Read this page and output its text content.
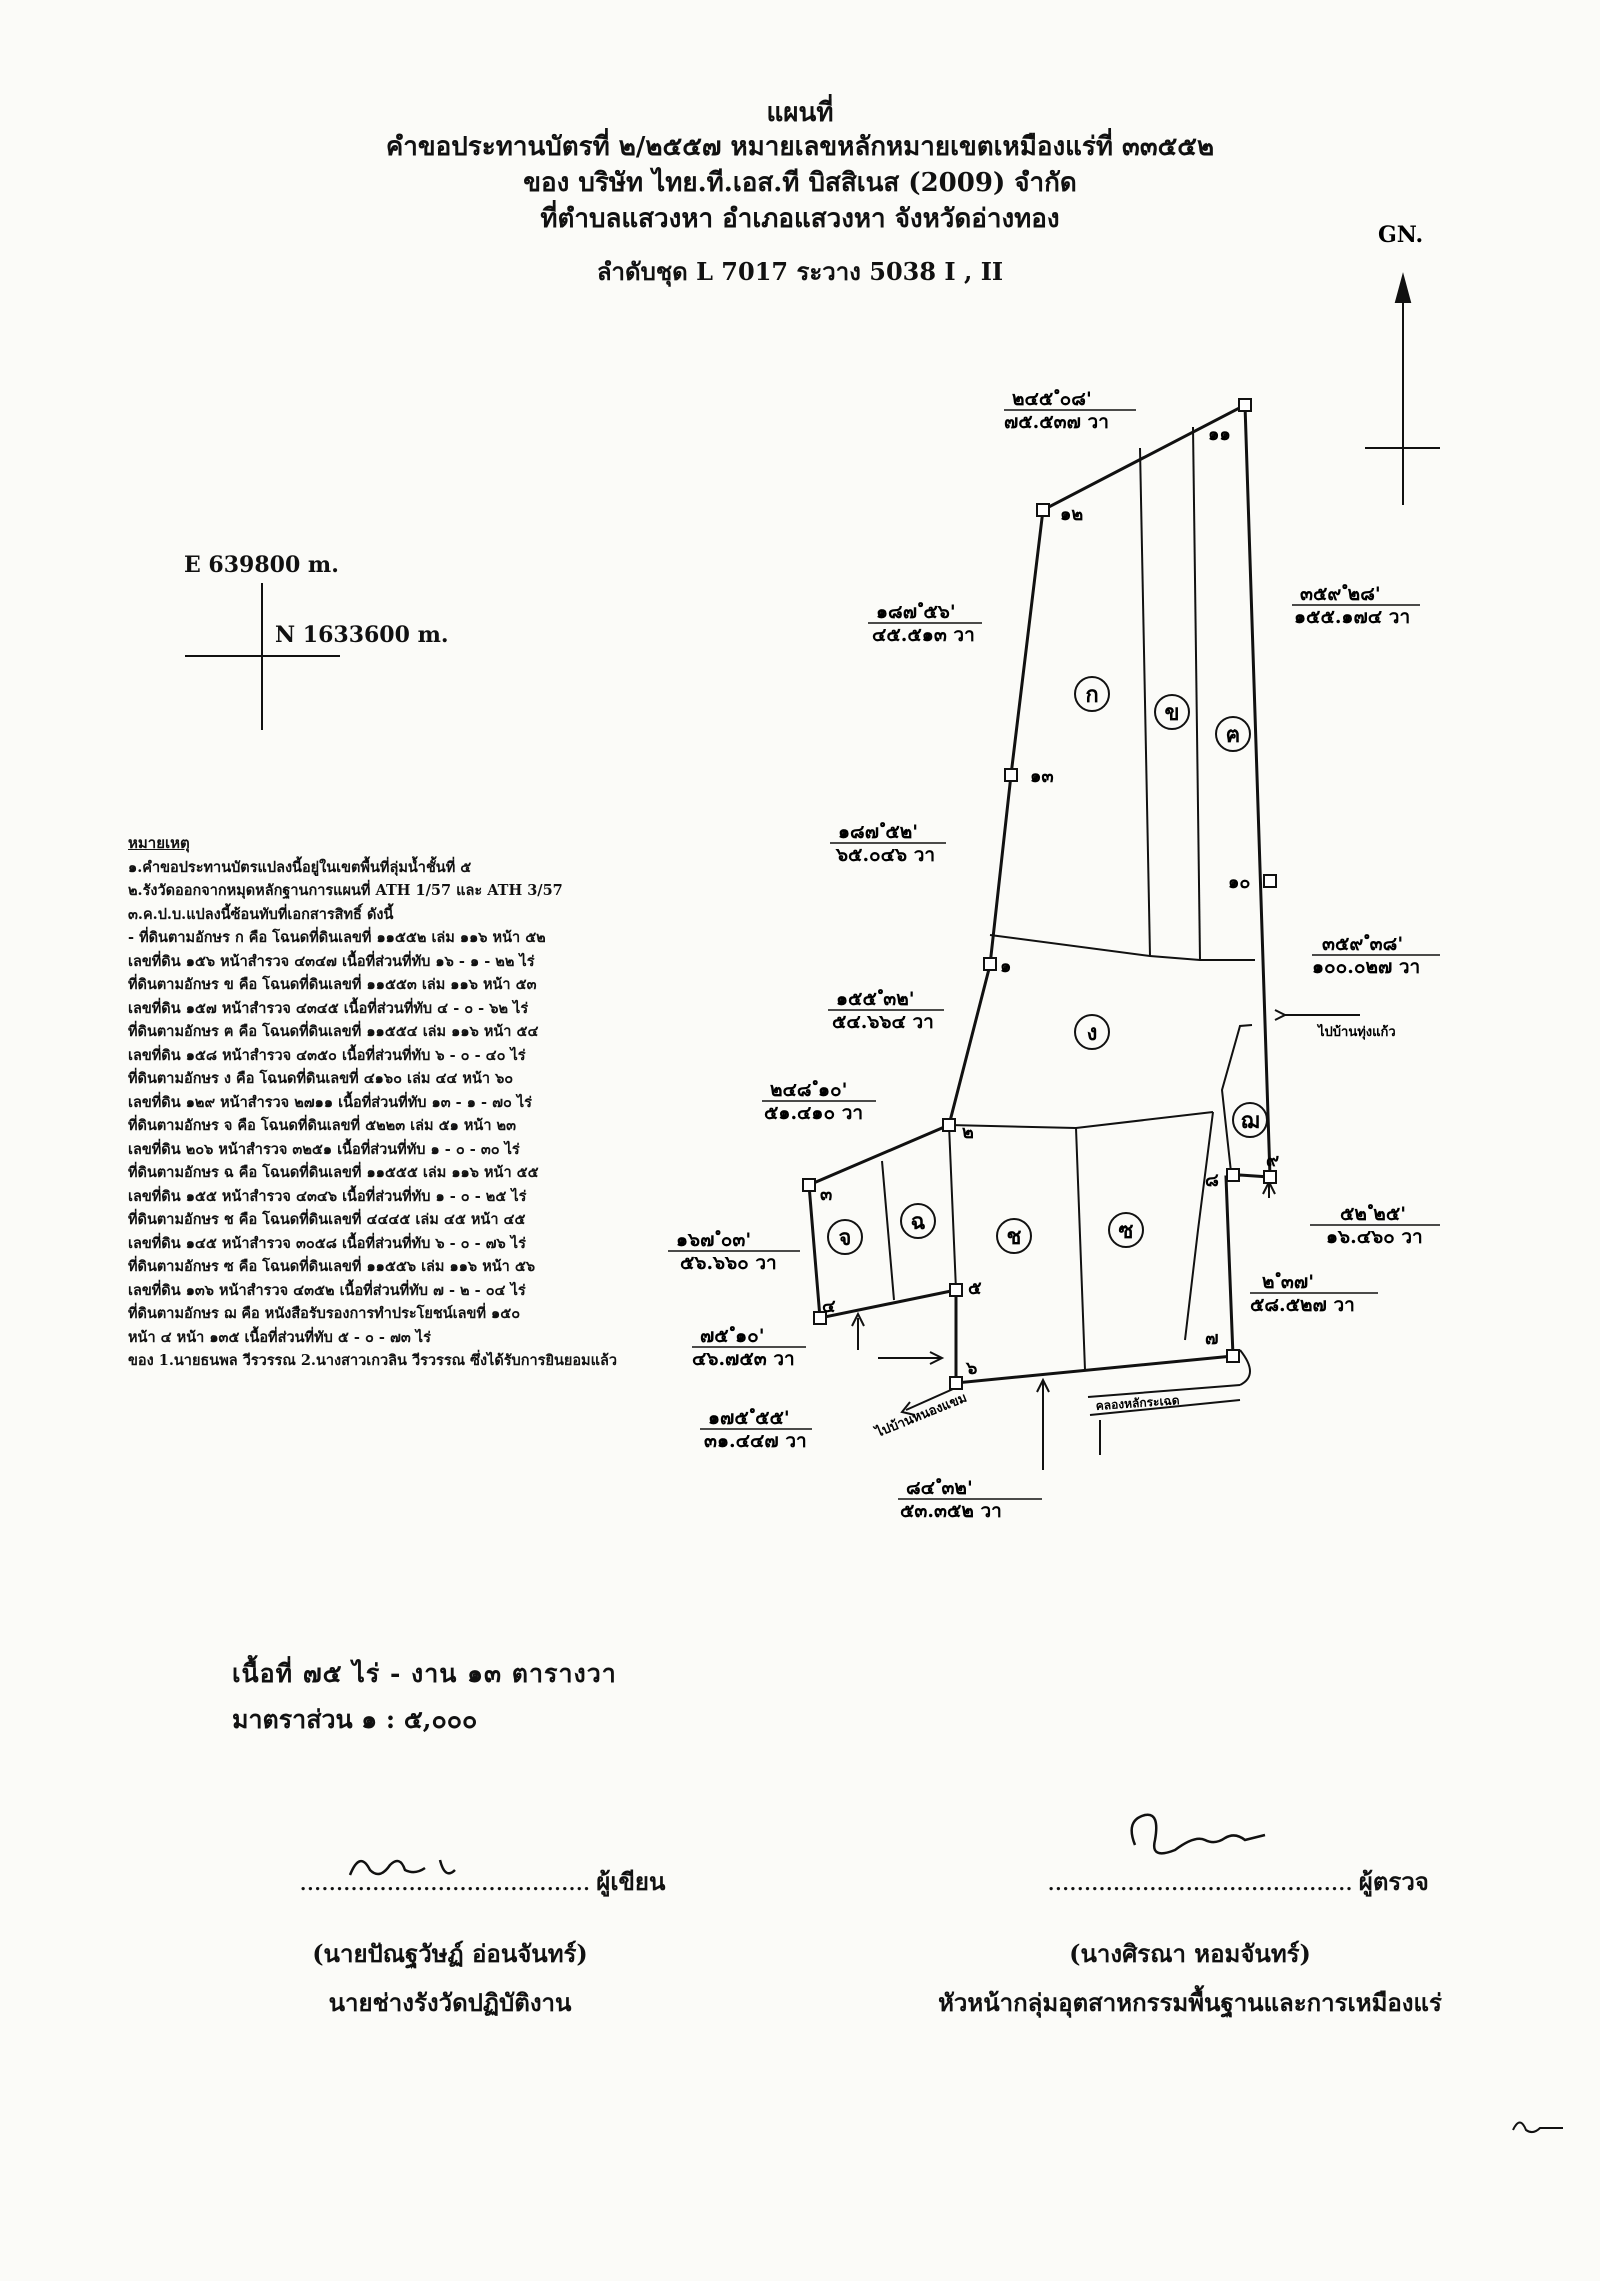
แผนที่
คำขอประทานบัตรที่ ๒/๒๕๕๗ หมายเลขหลักหมายเขตเหมืองแร่ที่ ๓๓๕๕๒
ของ บริษัท ไทย.ที.เอส.ที บิสสิเนส (2009) จำกัด
ที่ตำบลแสวงหา อำเภอแสวงหา จังหวัดอ่างทอง
ลำดับชุด L 7017 ระวาง 5038 I , II
E 639800 m.
N 1633600 m.
GN.
๑
๒
๓
๔
๕
๖
๗
๘
๙
๑๐
๑๑
๑๒
๑๓
ก
ข
ฅ
ง
ฌ
จ
ฉ
ช	ซ
๒๔๕ ํ๐๘'
๗๕.๕๓๗ วา
๓๕๙ ํ๒๘'
๑๕๕.๑๗๔ วา
๑๘๗ ํ๕๖'
๔๕.๕๑๓ วา
๑๘๗ ํ๕๒'
๖๕.๐๔๖ วา
๓๕๙ ํ๓๘'
๑๐๐.๐๒๗ วา
๑๕๕ ํ๓๒'
๕๔.๖๖๔ วา
๒๔๘ ํ๑๐'
๕๑.๔๑๐ วา
๕๒ ํ๒๕'
๑๖.๔๖๐ วา
๑๖๗ ํ๐๓'
๕๖.๖๖๐ วา
๒ ํ๓๗'
๕๘.๕๒๗ วา
๗๕ ํ๑๐'
๔๖.๗๕๓ วา
๑๗๕ ํ๕๕'
๓๑.๔๔๗ วา
๘๔ ํ๓๒'
๕๓.๓๕๒ วา
ไปบ้านทุ่งแก้ว
ไปบ้านหนองแขม	คลองหลักระเฉด
หมายเหตุ
๑.คำขอประทานบัตรแปลงนี้อยู่ในเขตพื้นที่ลุ่มน้ำชั้นที่ ๕
๒.รังวัดออกจากหมุดหลักฐานการแผนที่ ATH 1/57 และ ATH 3/57
๓.ค.ป.บ.แปลงนี้ซ้อนทับที่เอกสารสิทธิ์ ดังนี้
- ที่ดินตามอักษร ก คือ โฉนดที่ดินเลขที่ ๑๑๕๕๒ เล่ม ๑๑๖ หน้า ๕๒
เลขที่ดิน ๑๕๖ หน้าสำรวจ ๔๓๔๗ เนื้อที่ส่วนที่ทับ ๑๖ - ๑ - ๒๒ ไร่
ที่ดินตามอักษร ข คือ โฉนดที่ดินเลขที่ ๑๑๕๕๓ เล่ม ๑๑๖ หน้า ๕๓
เลขที่ดิน ๑๕๗ หน้าสำรวจ ๔๓๔๕ เนื้อที่ส่วนที่ทับ ๔ - ๐ - ๖๒ ไร่
ที่ดินตามอักษร ฅ คือ โฉนดที่ดินเลขที่ ๑๑๕๕๔ เล่ม ๑๑๖ หน้า ๕๔
เลขที่ดิน ๑๕๘ หน้าสำรวจ ๔๓๕๐ เนื้อที่ส่วนที่ทับ ๖ - ๐ - ๔๐ ไร่
ที่ดินตามอักษร ง คือ โฉนดที่ดินเลขที่ ๔๑๖๐ เล่ม ๔๔ หน้า ๖๐
เลขที่ดิน ๑๒๙ หน้าสำรวจ ๒๗๑๑ เนื้อที่ส่วนที่ทับ ๑๓ - ๑ - ๗๐ ไร่
ที่ดินตามอักษร จ คือ โฉนดที่ดินเลขที่ ๕๒๒๓ เล่ม ๕๑ หน้า ๒๓
เลขที่ดิน ๒๐๖ หน้าสำรวจ ๓๒๕๑ เนื้อที่ส่วนที่ทับ ๑ - ๐ - ๓๐ ไร่
ที่ดินตามอักษร ฉ คือ โฉนดที่ดินเลขที่ ๑๑๕๕๕ เล่ม ๑๑๖ หน้า ๕๕
เลขที่ดิน ๑๕๕ หน้าสำรวจ ๔๓๔๖ เนื้อที่ส่วนที่ทับ ๑ - ๐ - ๒๕ ไร่
ที่ดินตามอักษร ช คือ โฉนดที่ดินเลขที่ ๔๔๔๕ เล่ม ๔๕ หน้า ๔๕
เลขที่ดิน ๑๔๕ หน้าสำรวจ ๓๐๕๘ เนื้อที่ส่วนที่ทับ ๖ - ๐ - ๗๖ ไร่
ที่ดินตามอักษร ซ คือ โฉนดที่ดินเลขที่ ๑๑๕๕๖ เล่ม ๑๑๖ หน้า ๕๖
เลขที่ดิน ๑๓๖ หน้าสำรวจ ๔๓๕๒ เนื้อที่ส่วนที่ทับ ๗ - ๒ - ๐๔ ไร่
ที่ดินตามอักษร ฌ คือ หนังสือรับรองการทำประโยชน์เลขที่ ๑๕๐
หน้า ๔ หน้า ๑๓๕ เนื้อที่ส่วนที่ทับ ๕ - ๐ - ๗๓ ไร่
ของ 1.นายธนพล วีรวรรณ 2.นางสาวเกวลิน วีรวรรณ ซึ่งได้รับการยินยอมแล้ว
เนื้อที่ ๗๕ ไร่ - งาน ๑๓ ตารางวา
มาตราส่วน ๑ : ๕,๐๐๐
........................................ ผู้เขียน
(นายปัณฐวัษฏ์ อ่อนจันทร์)
นายช่างรังวัดปฏิบัติงาน
.......................................... ผู้ตรวจ
(นางศิรณา หอมจันทร์)
หัวหน้ากลุ่มอุตสาหกรรมพื้นฐานและการเหมืองแร่
